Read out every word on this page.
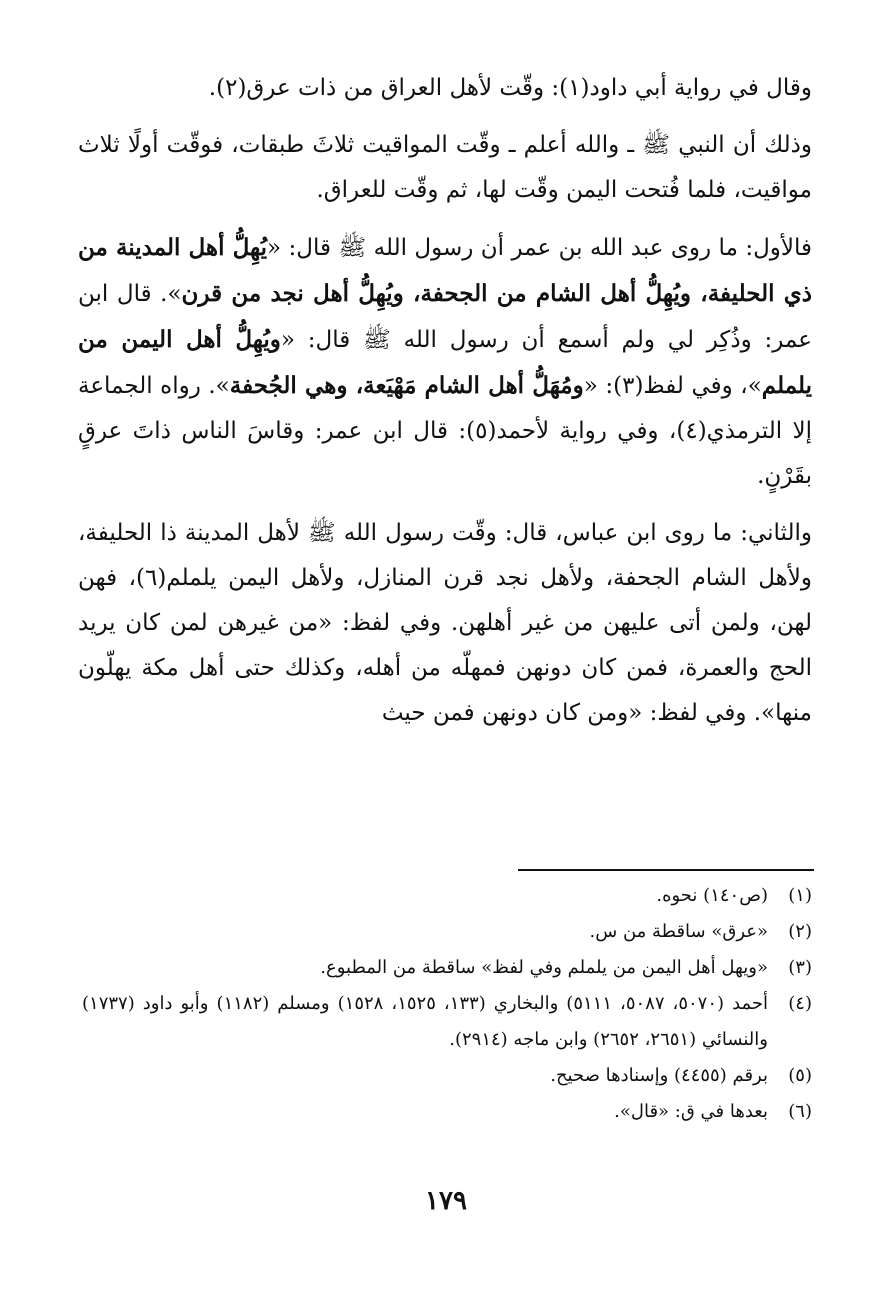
وقال في رواية أبي داود(١): وقّت لأهل العراق من ذات عرق(٢).

وذلك أن النبي ﷺ ـ والله أعلم ـ وقّت المواقيت ثلاثَ طبقات، فوقّت أولًا ثلاث مواقيت، فلما فُتحت اليمن وقّت لها، ثم وقّت للعراق.

فالأول: ما روى عبد الله بن عمر أن رسول الله ﷺ قال: «يُهِلُّ أهل المدينة من ذي الحليفة، ويُهِلُّ أهل الشام من الجحفة، ويُهِلُّ أهل نجد من قرن». قال ابن عمر: وذُكِر لي ولم أسمع أن رسول الله ﷺ قال: «ويُهِلُّ أهل اليمن من يلملم»، وفي لفظ(٣): «ومُهَلُّ أهل الشام مَهْيَعة، وهي الجُحفة». رواه الجماعة إلا الترمذي(٤)، وفي رواية لأحمد(٥): قال ابن عمر: وقاسَ الناس ذاتَ عرقٍ بقَرْنٍ.

والثاني: ما روى ابن عباس، قال: وقّت رسول الله ﷺ لأهل المدينة ذا الحليفة، ولأهل الشام الجحفة، ولأهل نجد قرن المنازل، ولأهل اليمن يلملم(٦)، فهن لهن، ولمن أتى عليهن من غير أهلهن. وفي لفظ: «من غيرهن لمن كان يريد الحج والعمرة، فمن كان دونهن فمهلّه من أهله، وكذلك حتى أهل مكة يهلّون منها». وفي لفظ: «ومن كان دونهن فمن حيث

(١)
(ص١٤٠) نحوه.
(٢)
«عرق» ساقطة من س.
(٣)
«ويهل أهل اليمن من يلملم وفي لفظ» ساقطة من المطبوع.
(٤)
أحمد (٥٠٧٠، ٥٠٨٧، ٥١١١) والبخاري (١٣٣، ١٥٢٥، ١٥٢٨) ومسلم (١١٨٢) وأبو داود (١٧٣٧) والنسائي (٢٦٥١، ٢٦٥٢) وابن ماجه (٢٩١٤).
(٥)
برقم (٤٤٥٥) وإسنادها صحيح.
(٦)
بعدها في ق: «قال».
١٧٩
